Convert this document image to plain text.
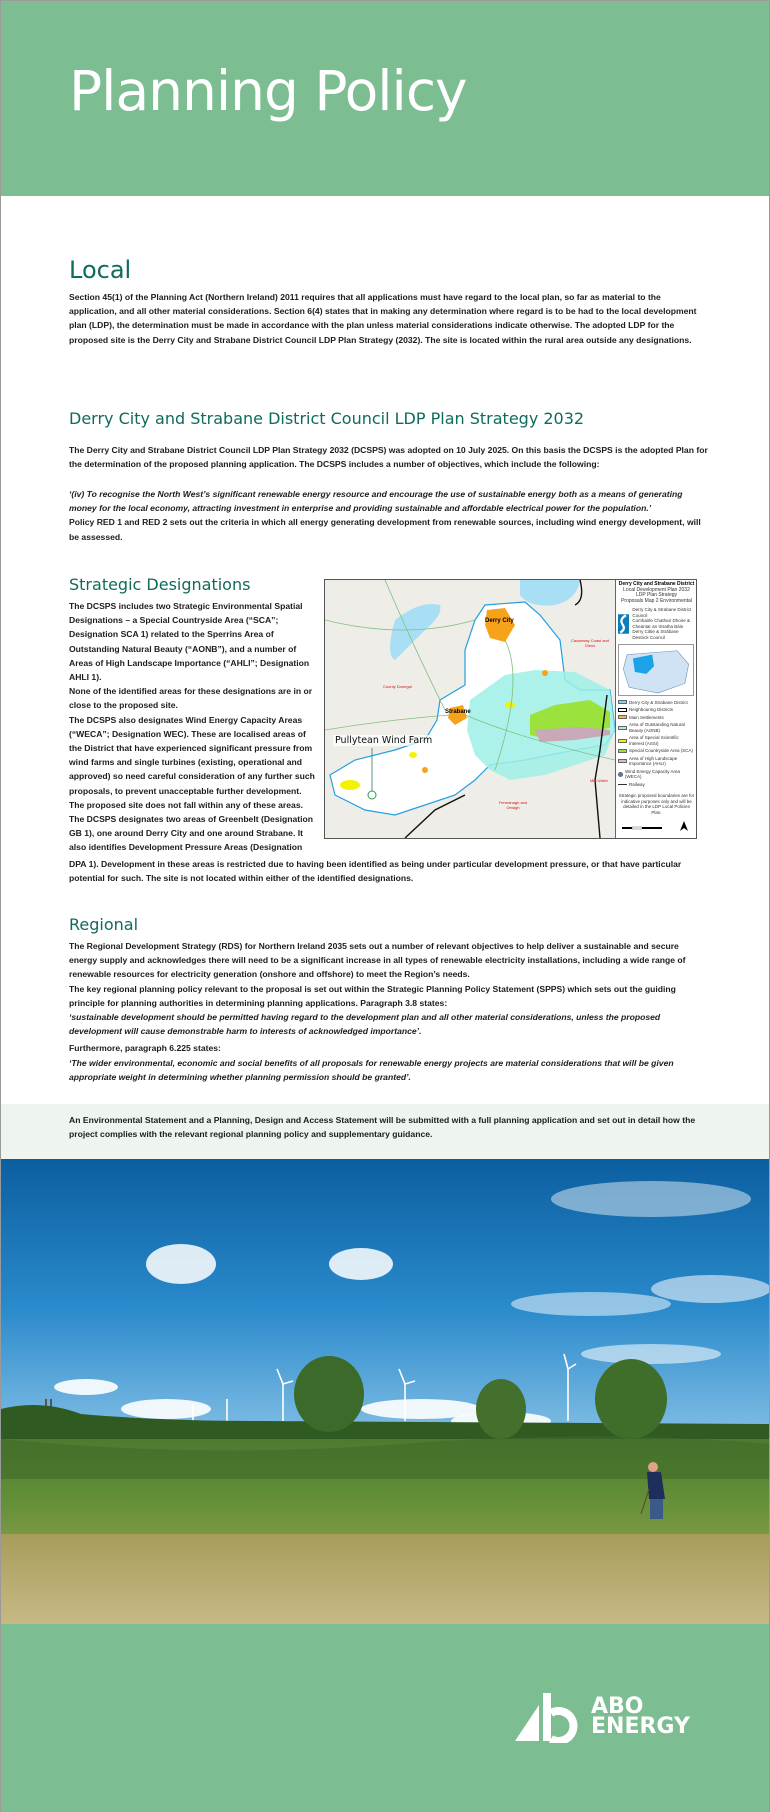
Planning Policy
Local

Section 45(1) of the Planning Act (Northern Ireland) 2011 requires that all applications must have regard to the local plan, so far as material to the application, and all other material considerations. Section 6(4) states that in making any determination where regard is to be had to the local development plan (LDP), the determination must be made in accordance with the plan unless material considerations indicate otherwise. The adopted LDP for the proposed site is the Derry City and Strabane District Council LDP Plan Strategy (2032). The site is located within the rural area outside any designations.

Derry City and Strabane District Council LDP Plan Strategy 2032

The Derry City and Strabane District Council LDP Plan Strategy 2032 (DCSPS) was adopted on 10 July 2025. On this basis the DCSPS is the adopted Plan for the determination of the proposed planning application. The DCSPS includes a number of objectives, which include the following:

‘(iv) To recognise the North West’s significant renewable energy resource and encourage the use of sustainable energy both as a means of generating money for the local economy, attracting investment in enterprise and providing sustainable and affordable electrical power for the population.’

Policy RED 1 and RED 2 sets out the criteria in which all energy generating development from renewable sources, including wind energy development, will be assessed.

Strategic Designations

The DCSPS includes two Strategic Environmental Spatial Designations – a Special Countryside Area (“SCA”; Designation SCA 1) related to the Sperrins Area of Outstanding Natural Beauty (“AONB”), and a number of Areas of High Landscape Importance (“AHLI”; Designation AHLI 1).

None of the identified areas for these designations are in or close to the proposed site.

The DCSPS also designates Wind Energy Capacity Areas (“WECA”; Designation WEC). These are localised areas of the District that have experienced significant pressure from wind farms and single turbines (existing, operational and approved) so need careful consideration of any further such proposals, to prevent unacceptable further development.

The proposed site does not fall within any of these areas.

The DCSPS designates two areas of Greenbelt (Designation GB 1), one around Derry City and one around Strabane. It also identifies Development Pressure Areas (Designation

DPA 1). Development in these areas is restricted due to having been identified as being under particular development pressure, or that have particular potential for such. The site is not located within either of the identified designations.

Derry City
Strabane
County Donegal
Causeway Coast and Glens
Mid Ulster
Fermanagh and Omagh
Pullytean Wind Farm
Derry City and Strabane District
Local Development Plan 2032
LDP Plan Strategy
Proposals Map 2 Environmental
Derry City & Strabane District Council
Comhairle Chathair Dhoire & Cheantar an tSratha Báin
Derry Cittie & Stràbane Destrick Cooncil
Derry City & Strabane District
Neighbouring Districts
Main Settlements
Area of Outstanding Natural Beauty (AONB)
Area of Special Scientific Interest (ASSI)
Special Countryside Area (SCA)
Area of High Landscape Importance (AHLI)
Wind Energy Capacity Area (WECA)
Railway
Strategic proposed boundaries are for indicative purposes only and will be detailed in the LDP Local Policies Plan.
Regional

The Regional Development Strategy (RDS) for Northern Ireland 2035 sets out a number of relevant objectives to help deliver a sustainable and secure energy supply and acknowledges there will need to be a significant increase in all types of renewable electricity installations, including a wide range of renewable resources for electricity generation (onshore and offshore) to meet the Region’s needs.

The key regional planning policy relevant to the proposal is set out within the Strategic Planning Policy Statement (SPPS) which sets out the guiding principle for planning authorities in determining planning applications. Paragraph 3.8 states:

‘sustainable development should be permitted having regard to the development plan and all other material considerations, unless the proposed development will cause demonstrable harm to interests of acknowledged importance’.

Furthermore, paragraph 6.225 states:

‘The wider environmental, economic and social benefits of all proposals for renewable energy projects are material considerations that will be given appropriate weight in determining whether planning permission should be granted’.

An Environmental Statement and a Planning, Design and Access Statement will be submitted with a full planning application and set out in detail how the project complies with the relevant regional planning policy and supplementary guidance.

ABO
ENERGY
